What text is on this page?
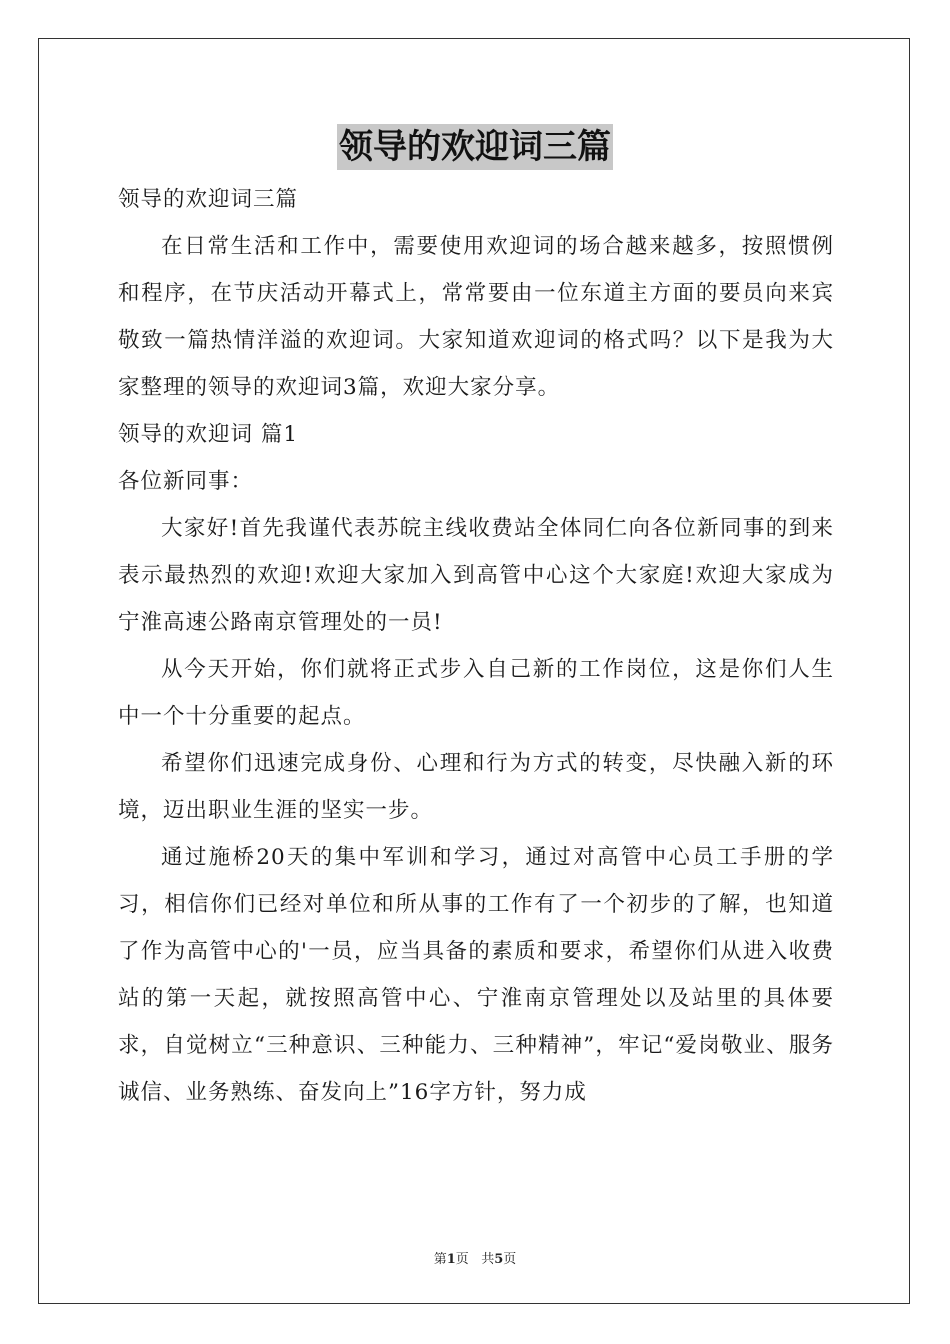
领导的欢迎词三篇

领导的欢迎词三篇

在日常生活和工作中，需要使用欢迎词的场合越来越多，按照惯例和程序，在节庆活动开幕式上，常常要由一位东道主方面的要员向来宾敬致一篇热情洋溢的欢迎词。大家知道欢迎词的格式吗？以下是我为大家整理的领导的欢迎词3篇，欢迎大家分享。

领导的欢迎词 篇1

各位新同事：

大家好!首先我谨代表苏皖主线收费站全体同仁向各位新同事的到来表示最热烈的欢迎!欢迎大家加入到高管中心这个大家庭!欢迎大家成为宁淮高速公路南京管理处的一员!

从今天开始，你们就将正式步入自己新的工作岗位，这是你们人生中一个十分重要的起点。

希望你们迅速完成身份、心理和行为方式的转变，尽快融入新的环境，迈出职业生涯的坚实一步。

通过施桥20天的集中军训和学习，通过对高管中心员工手册的学习，相信你们已经对单位和所从事的工作有了一个初步的了解，也知道了作为高管中心的'一员，应当具备的素质和要求，希望你们从进入收费站的第一天起，就按照高管中心、宁淮南京管理处以及站里的具体要求，自觉树立“三种意识、三种能力、三种精神”，牢记“爱岗敬业、服务诚信、业务熟练、奋发向上”16字方针，努力成

第1页 共5页
